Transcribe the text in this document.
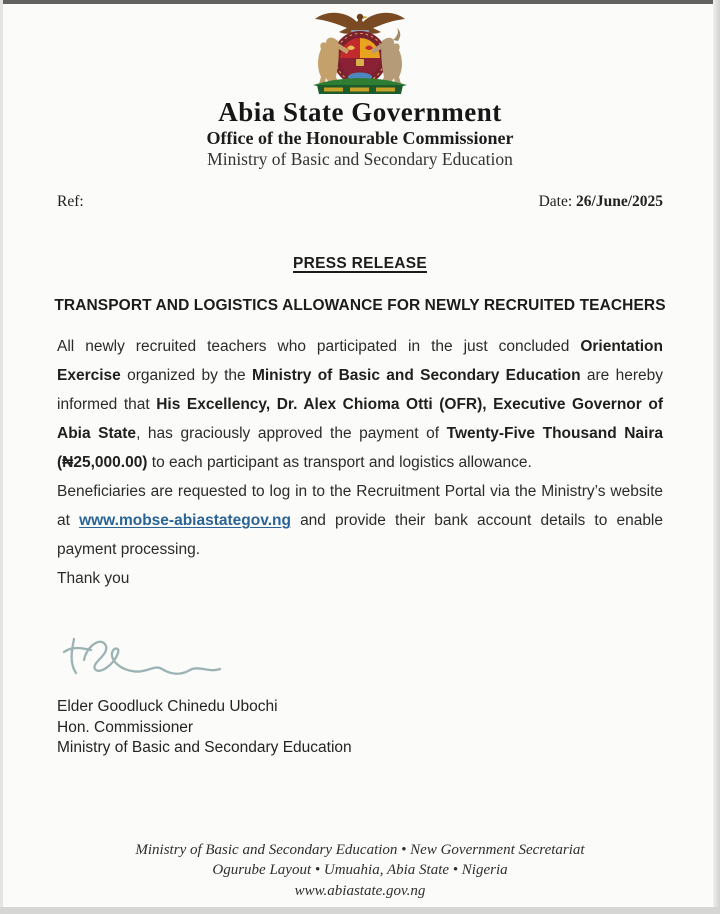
Abia State Government
Office of the Honourable Commissioner
Ministry of Basic and Secondary Education
Ref:	Date: 26/June/2025
PRESS RELEASE
TRANSPORT AND LOGISTICS ALLOWANCE FOR NEWLY RECRUITED TEACHERS

All newly recruited teachers who participated in the just concluded Orientation Exercise organized by the Ministry of Basic and Secondary Education are hereby informed that His Excellency, Dr. Alex Chioma Otti (OFR), Executive Governor of Abia State, has graciously approved the payment of Twenty-Five Thousand Naira (₦25,000.00) to each participant as transport and logistics allowance.

Beneficiaries are requested to log in to the Recruitment Portal via the Ministry’s website at www.mobse-abiastategov.ng and provide their bank account details to enable payment processing.

Thank you

Elder Goodluck Chinedu Ubochi
Hon. Commissioner
Ministry of Basic and Secondary Education
Ministry of Basic and Secondary Education • New Government Secretariat
Ogurube Layout • Umuahia, Abia State • Nigeria
www.abiastate.gov.ng
